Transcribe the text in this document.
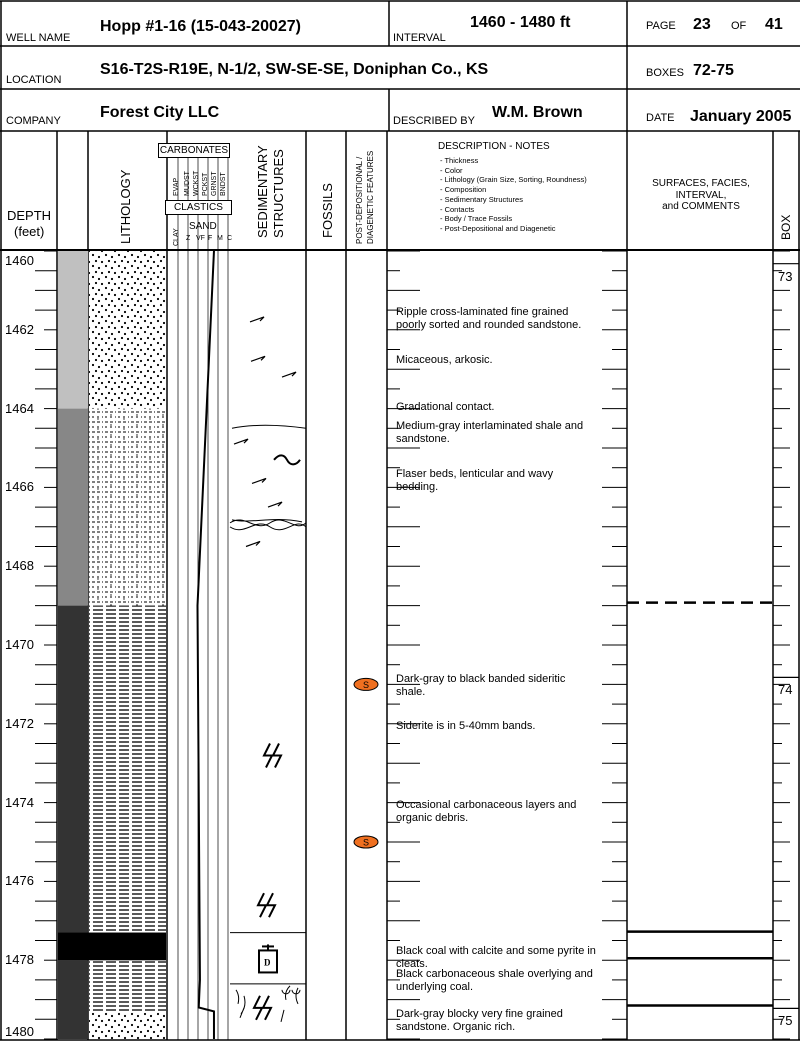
D
S
S
WELL NAME
Hopp #1-16 (15-043-20027)
INTERVAL
1460 - 1480 ft	PAGE 23 OF 41
LOCATION
S16-T2S-R19E, N-1/2, SW-SE-SE, Doniphan Co., KS	BOXES 72-75
COMPANY Forest City LLC	DESCRIBED BY W.M. Brown	DATE January 2005
DEPTH
(feet)	LITHOLOGY
CARBONATES
EVAP MUDST WCKST PCKST GRNST BNDST
CLASTICS
CLAY Z VF F M C
SAND	SEDIMENTARY STRUCTURES	FOSSILS	POST-DEPOSITIONAL / DIAGENETIC FEATURES
DESCRIPTION - NOTES
- Thickness
- Color
- Lithology (Grain Size, Sorting, Roundness)
- Composition
- Sedimentary Structures
- Contacts
- Body / Trace Fossils
- Post-Depositional and Diagenetic
SURFACES, FACIES,
INTERVAL,
and COMMENTS
BOX
1460
1462
1464
1466
1468
1470
1472
1474
1476
1478
1480
Ripple cross-laminated fine grained poorly sorted and rounded sandstone.
Micaceous, arkosic.
Gradational contact.
Medium-gray interlaminated shale and sandstone.
Flaser beds, lenticular and wavy bedding.
Dark-gray to black banded sideritic shale.
Siderite is in 5-40mm bands.
Occasional carbonaceous layers and organic debris.
Black coal with calcite and some pyrite in cleats.
Black carbonaceous shale overlying and underlying coal.
Dark-gray blocky very fine grained sandstone. Organic rich.
73
74
75
